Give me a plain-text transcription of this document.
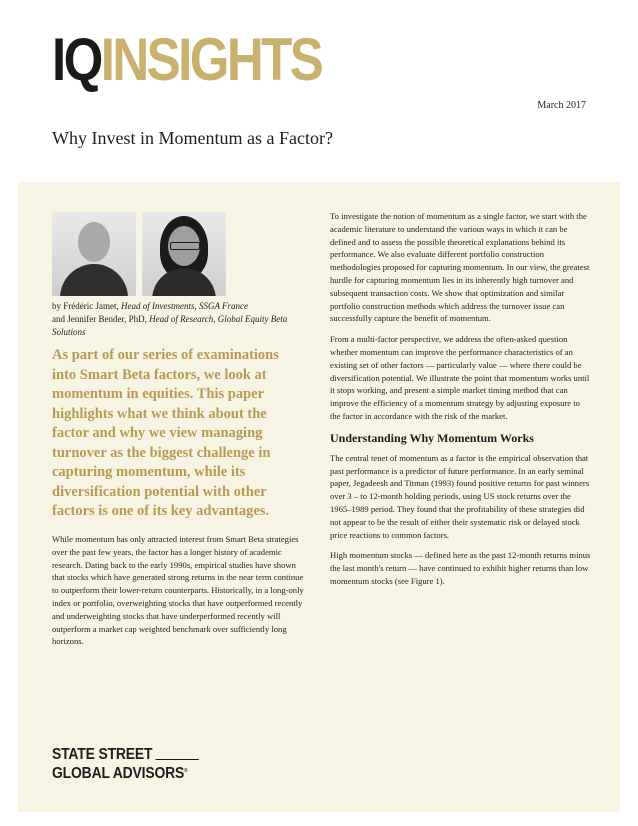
IQINSIGHTS
March 2017
Why Invest in Momentum as a Factor?
by Frédéric Jamet, Head of Investments, SSGA France
and Jennifer Bender, PhD, Head of Research, Global Equity Beta Solutions
As part of our series of examinations into Smart Beta factors, we look at momentum in equities. This paper highlights what we think about the factor and why we view managing turnover as the biggest challenge in capturing momentum, while its diversification potential with other factors is one of its key advantages.

While momentum has only attracted interest from Smart Beta strategies over the past few years, the factor has a longer history of academic research. Dating back to the early 1990s, empirical studies have shown that stocks which have generated strong returns in the near term continue to outperform their lower-return counterparts. Historically, in a long-only index or portfolio, overweighting stocks that have outperformed recently and underweighting stocks that have underperformed recently will outperform a market cap weighted benchmark over sufficiently long horizons.

To investigate the notion of momentum as a single factor, we start with the academic literature to understand the various ways in which it can be defined and to assess the possible theoretical explanations behind its performance. We also evaluate different portfolio construction methodologies proposed for capturing momentum. In our view, the greatest hurdle for capturing momentum lies in its inherently high turnover and subsequent transaction costs. We show that optimization and similar portfolio construction methods which address the turnover issue can successfully capture the benefit of momentum.

From a multi-factor perspective, we address the often-asked question whether momentum can improve the performance characteristics of an existing set of other factors — particularly value — where there could be diversification potential. We illustrate the point that momentum works until it stops working, and present a simple market timing method that can improve the efficiency of a momentum strategy by adjusting exposure to the factor in accordance with the risk of the market.

Understanding Why Momentum Works

The central tenet of momentum as a factor is the empirical observation that past performance is a predictor of future performance. In an early seminal paper, Jegadeesh and Titman (1993) found positive returns for past winners over 3 – to 12-month holding periods, using US stock returns over the 1965–1989 period. They found that the profitability of these strategies did not appear to be the result of either their systematic risk or delayed stock price reactions to common factors.

High momentum stocks — defined here as the past 12-month returns minus the last month's return — have continued to exhibit higher returns than low momentum stocks (see Figure 1).

STATE STREET
GLOBAL ADVISORS®
